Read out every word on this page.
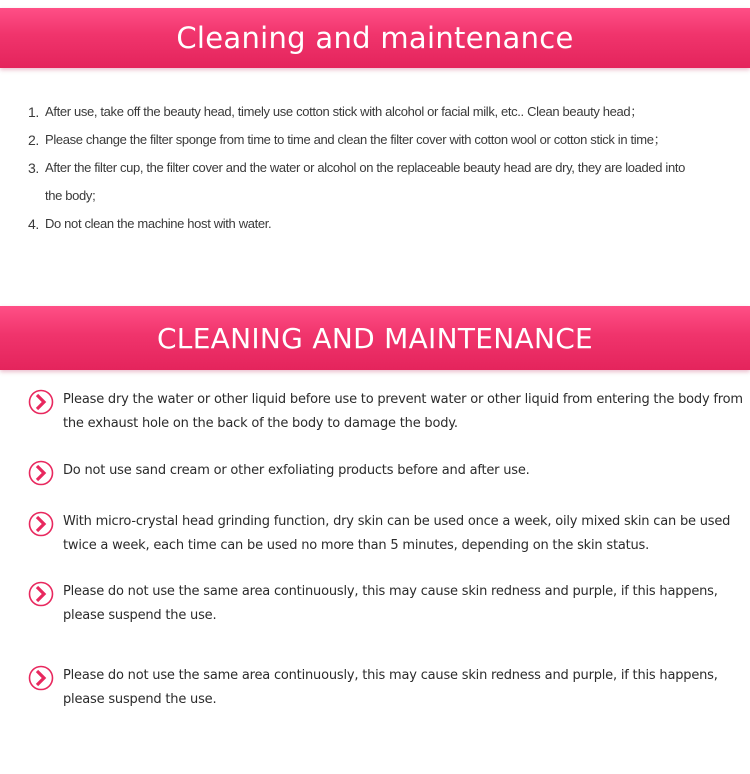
Cleaning and maintenance
1. After use, take off the beauty head, timely use cotton stick with alcohol or facial milk, etc.. Clean beauty head；
2. Please change the filter sponge from time to time and clean the filter cover with cotton wool or cotton stick in time；
3. After the filter cup, the filter cover and the water or alcohol on the replaceable beauty head are dry, they are loaded into the body;
4. Do not clean the machine host with water.
CLEANING AND MAINTENANCE
Please dry the water or other liquid before use to prevent water or other liquid from entering the body from the exhaust hole on the back of the body to damage the body.
Do not use sand cream or other exfoliating products before and after use.
With micro-crystal head grinding function, dry skin can be used once a week, oily mixed skin can be used twice a week, each time can be used no more than 5 minutes, depending on the skin status.
Please do not use the same area continuously, this may cause skin redness and purple, if this happens, please suspend the use.
Please do not use the same area continuously, this may cause skin redness and purple, if this happens, please suspend the use.
